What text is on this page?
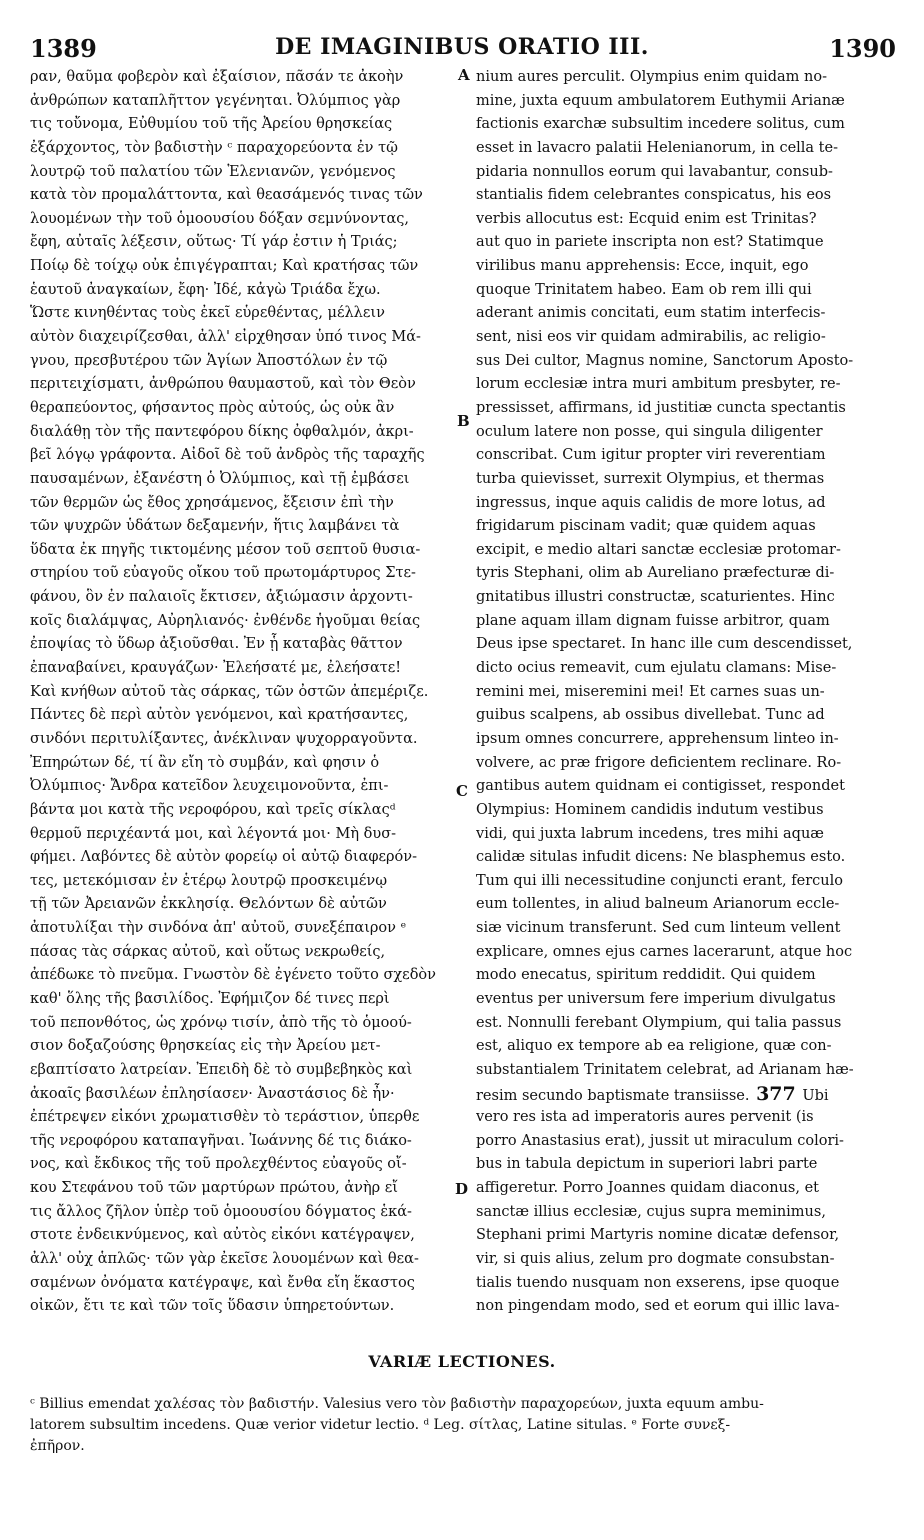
1389	DE IMAGINIBUS ORATIO III.	1390
A
B
C
D
ραν, θαῦμα φοβερὸν καὶ ἐξαίσιον, πᾶσάν τε ἀκοὴν
ἀνθρώπων καταπλῆττον γεγένηται. Ὀλύμπιος γὰρ
τις τοὔνομα, Εὐθυμίου τοῦ τῆς Ἀρείου θρησκείας
ἐξάρχοντος, τὸν βαδιστὴν ᶜ παραχορεύοντα ἐν τῷ
λουτρῷ τοῦ παλατίου τῶν Ἑλενιανῶν, γενόμενος
κατὰ τὸν προμαλάττοντα, καὶ θεασάμενός τινας τῶν
λουομένων τὴν τοῦ ὁμοουσίου δόξαν σεμνύνοντας,
ἔφη, αὐταῖς λέξεσιν, οὕτως· Τί γάρ ἐστιν ἡ Τριάς;
Ποίῳ δὲ τοίχῳ οὐκ ἐπιγέγραπται; Καὶ κρατήσας τῶν
ἑαυτοῦ ἀναγκαίων, ἔφη· Ἰδέ, κἀγὼ Τριάδα ἔχω.
Ὥστε κινηθέντας τοὺς ἐκεῖ εὑρεθέντας, μέλλειν
αὐτὸν διαχειρίζεσθαι, ἀλλ' εἰρχθησαν ὑπό τινος Μά-
γνου, πρεσβυτέρου τῶν Ἁγίων Ἀποστόλων ἐν τῷ
περιτειχίσματι, ἀνθρώπου θαυμαστοῦ, καὶ τὸν Θεὸν
θεραπεύοντος, φήσαντος πρὸς αὐτούς, ὡς οὐκ ἂν
διαλάθῃ τὸν τῆς παντεφόρου δίκης ὀφθαλμόν, ἀκρι-
βεῖ λόγῳ γράφοντα. Αἰδοῖ δὲ τοῦ ἀνδρὸς τῆς ταραχῆς
παυσαμένων, ἐξανέστη ὁ Ὀλύμπιος, καὶ τῇ ἐμβάσει
τῶν θερμῶν ὡς ἔθος χρησάμενος, ἔξεισιν ἐπὶ τὴν
τῶν ψυχρῶν ὑδάτων δεξαμενήν, ἥτις λαμβάνει τὰ
ὕδατα ἐκ πηγῆς τικτομένης μέσον τοῦ σεπτοῦ θυσια-
στηρίου τοῦ εὐαγοῦς οἴκου τοῦ πρωτομάρτυρος Στε-
φάνου, ὃν ἐν παλαιοῖς ἔκτισεν, ἀξιώμασιν ἀρχοντι-
κοῖς διαλάμψας, Αὐρηλιανός· ἐνθένδε ἡγοῦμαι θείας
ἐποψίας τὸ ὕδωρ ἀξιοῦσθαι. Ἐν ᾗ καταβὰς θᾶττον
ἐπαναβαίνει, κραυγάζων· Ἐλεήσατέ με, ἐλεήσατε!
Καὶ κνήθων αὐτοῦ τὰς σάρκας, τῶν ὀστῶν ἀπεμέριζε.
Πάντες δὲ περὶ αὐτὸν γενόμενοι, καὶ κρατήσαντες,
σινδόνι περιτυλίξαντες, ἀνέκλιναν ψυχορραγοῦντα.
Ἐπηρώτων δέ, τί ἂν εἴη τὸ συμβάν, καὶ φησιν ὁ
Ὀλύμπιος· Ἄνδρα κατεῖδον λευχειμονοῦντα, ἐπι-
βάντα μοι κατὰ τῆς νεροφόρου, καὶ τρεῖς σίκλαςᵈ
θερμοῦ περιχέαντά μοι, καὶ λέγοντά μοι· Μὴ δυσ-
φήμει. Λαβόντες δὲ αὐτὸν φορείῳ οἱ αὐτῷ διαφερόν-
τες, μετεκόμισαν ἐν ἑτέρῳ λουτρῷ προσκειμένῳ
τῇ τῶν Ἀρειανῶν ἐκκλησίᾳ. Θελόντων δὲ αὐτῶν
ἀποτυλίξαι τὴν σινδόνα ἀπ' αὐτοῦ, συνεξέπαιρον ᵉ
πάσας τὰς σάρκας αὐτοῦ, καὶ οὕτως νεκρωθείς,
ἀπέδωκε τὸ πνεῦμα. Γνωστὸν δὲ ἐγένετο τοῦτο σχεδὸν
καθ' ὅλης τῆς βασιλίδος. Ἐφήμιζον δέ τινες περὶ
τοῦ πεπονθότος, ὡς χρόνῳ τισίν, ἀπὸ τῆς τὸ ὁμοού-
σιον δοξαζούσης θρησκείας εἰς τὴν Ἀρείου μετ-
εβαπτίσατο λατρείαν. Ἐπειδὴ δὲ τὸ συμβεβηκὸς καὶ
ἀκοαῖς βασιλέων ἐπλησίασεν· Ἀναστάσιος δὲ ἦν·
ἐπέτρεψεν εἰκόνι χρωματισθὲν τὸ τεράστιον, ὑπερθε
τῆς νεροφόρου καταπαγῆναι. Ἰωάννης δέ τις διάκο-
νος, καὶ ἔκδικος τῆς τοῦ προλεχθέντος εὐαγοῦς οἴ-
κου Στεφάνου τοῦ τῶν μαρτύρων πρώτου, ἀνὴρ εἴ
τις ἄλλος ζῆλον ὑπὲρ τοῦ ὁμοουσίου δόγματος ἑκά-
στοτε ἐνδεικνύμενος, καὶ αὐτὸς εἰκόνι κατέγραψεν,
ἀλλ' οὐχ ἁπλῶς· τῶν γὰρ ἐκεῖσε λουομένων καὶ θεα-
σαμένων ὀνόματα κατέγραψε, καὶ ἔνθα εἴη ἕκαστος
οἰκῶν, ἔτι τε καὶ τῶν τοῖς ὕδασιν ὑπηρετούντων.
nium aures perculit. Olympius enim quidam no-
mine, juxta equum ambulatorem Euthymii Arianæ
factionis exarchæ subsultim incedere solitus, cum
esset in lavacro palatii Helenianorum, in cella te-
pidaria nonnullos eorum qui lavabantur, consub-
stantialis fidem celebrantes conspicatus, his eos
verbis allocutus est: Ecquid enim est Trinitas?
aut quo in pariete inscripta non est? Statimque
virilibus manu apprehensis: Ecce, inquit, ego
quoque Trinitatem habeo. Eam ob rem illi qui
aderant animis concitati, eum statim interfecis-
sent, nisi eos vir quidam admirabilis, ac religio-
sus Dei cultor, Magnus nomine, Sanctorum Aposto-
lorum ecclesiæ intra muri ambitum presbyter, re-
pressisset, affirmans, id justitiæ cuncta spectantis
oculum latere non posse, qui singula diligenter
conscribat. Cum igitur propter viri reverentiam
turba quievisset, surrexit Olympius, et thermas
ingressus, inque aquis calidis de more lotus, ad
frigidarum piscinam vadit; quæ quidem aquas
excipit, e medio altari sanctæ ecclesiæ protomar-
tyris Stephani, olim ab Aureliano præfecturæ di-
gnitatibus illustri constructæ, scaturientes. Hinc
plane aquam illam dignam fuisse arbitror, quam
Deus ipse spectaret. In hanc ille cum descendisset,
dicto ocius remeavit, cum ejulatu clamans: Mise-
remini mei, miseremini mei! Et carnes suas un-
guibus scalpens, ab ossibus divellebat. Tunc ad
ipsum omnes concurrere, apprehensum linteo in-
volvere, ac præ frigore deficientem reclinare. Ro-
gantibus autem quidnam ei contigisset, respondet
Olympius: Hominem candidis indutum vestibus
vidi, qui juxta labrum incedens, tres mihi aquæ
calidæ situlas infudit dicens: Ne blasphemus esto.
Tum qui illi necessitudine conjuncti erant, ferculo
eum tollentes, in aliud balneum Arianorum eccle-
siæ vicinum transferunt. Sed cum linteum vellent
explicare, omnes ejus carnes lacerarunt, atque hoc
modo enecatus, spiritum reddidit. Qui quidem
eventus per universum fere imperium divulgatus
est. Nonnulli ferebant Olympium, qui talia passus
est, aliquo ex tempore ab ea religione, quæ con-
substantialem Trinitatem celebrat, ad Arianam hæ-
resim secundo baptismate transiisse. 377 Ubi
vero res ista ad imperatoris aures pervenit (is
porro Anastasius erat), jussit ut miraculum colori-
bus in tabula depictum in superiori labri parte
affigeretur. Porro Joannes quidam diaconus, et
sanctæ illius ecclesiæ, cujus supra meminimus,
Stephani primi Martyris nomine dicatæ defensor,
vir, si quis alius, zelum pro dogmate consubstan-
tialis tuendo nusquam non exserens, ipse quoque
non pingendam modo, sed et eorum qui illic lava-
VARIÆ LECTIONES.
ᶜ Billius emendat χαλέσας τὸν βαδιστήν. Valesius vero τὸν βαδιστὴν παραχορεύων, juxta equum ambu-
latorem subsultim incedens. Quæ verior videtur lectio. ᵈ Leg. σίτλας, Latine situlas. ᵉ Forte συνεξ-
ἐπῆρον.
